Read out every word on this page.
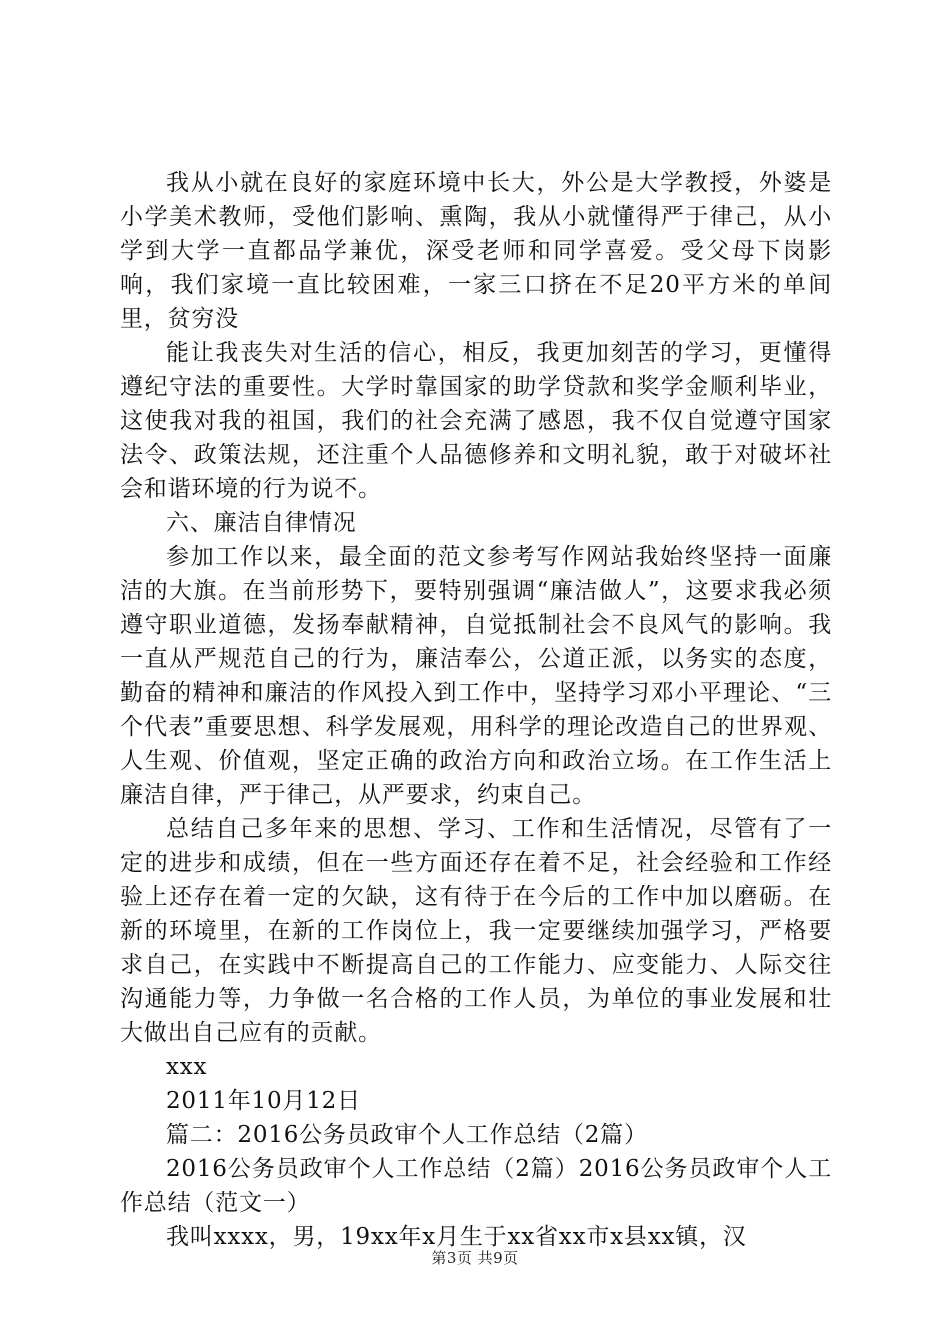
我从小就在良好的家庭环境中长大，外公是大学教授，外婆是小学美术教师，受他们影响、熏陶，我从小就懂得严于律己，从小学到大学一直都品学兼优，深受老师和同学喜爱。受父母下岗影响，我们家境一直比较困难，一家三口挤在不足20平方米的单间里，贫穷没

能让我丧失对生活的信心，相反，我更加刻苦的学习，更懂得遵纪守法的重要性。大学时靠国家的助学贷款和奖学金顺利毕业，这使我对我的祖国，我们的社会充满了感恩，我不仅自觉遵守国家法令、政策法规，还注重个人品德修养和文明礼貌，敢于对破坏社会和谐环境的行为说不。

六、廉洁自律情况

参加工作以来，最全面的范文参考写作网站我始终坚持一面廉洁的大旗。在当前形势下，要特别强调“廉洁做人”，这要求我必须遵守职业道德，发扬奉献精神，自觉抵制社会不良风气的影响。我一直从严规范自己的行为，廉洁奉公，公道正派，以务实的态度，勤奋的精神和廉洁的作风投入到工作中，坚持学习邓小平理论、“三个代表”重要思想、科学发展观，用科学的理论改造自己的世界观、人生观、价值观，坚定正确的政治方向和政治立场。在工作生活上廉洁自律，严于律己，从严要求，约束自己。

总结自己多年来的思想、学习、工作和生活情况，尽管有了一定的进步和成绩，但在一些方面还存在着不足，社会经验和工作经验上还存在着一定的欠缺，这有待于在今后的工作中加以磨砺。在新的环境里，在新的工作岗位上，我一定要继续加强学习，严格要求自己，在实践中不断提高自己的工作能力、应变能力、人际交往沟通能力等，力争做一名合格的工作人员，为单位的事业发展和壮大做出自己应有的贡献。

xxx

2011年10月12日

篇二：2016公务员政审个人工作总结（2篇）

2016公务员政审个人工作总结（2篇）2016公务员政审个人工作总结（范文一）

我叫xxxx，男，19xx年x月生于xx省xx市x县xx镇，汉

第3页 共9页
